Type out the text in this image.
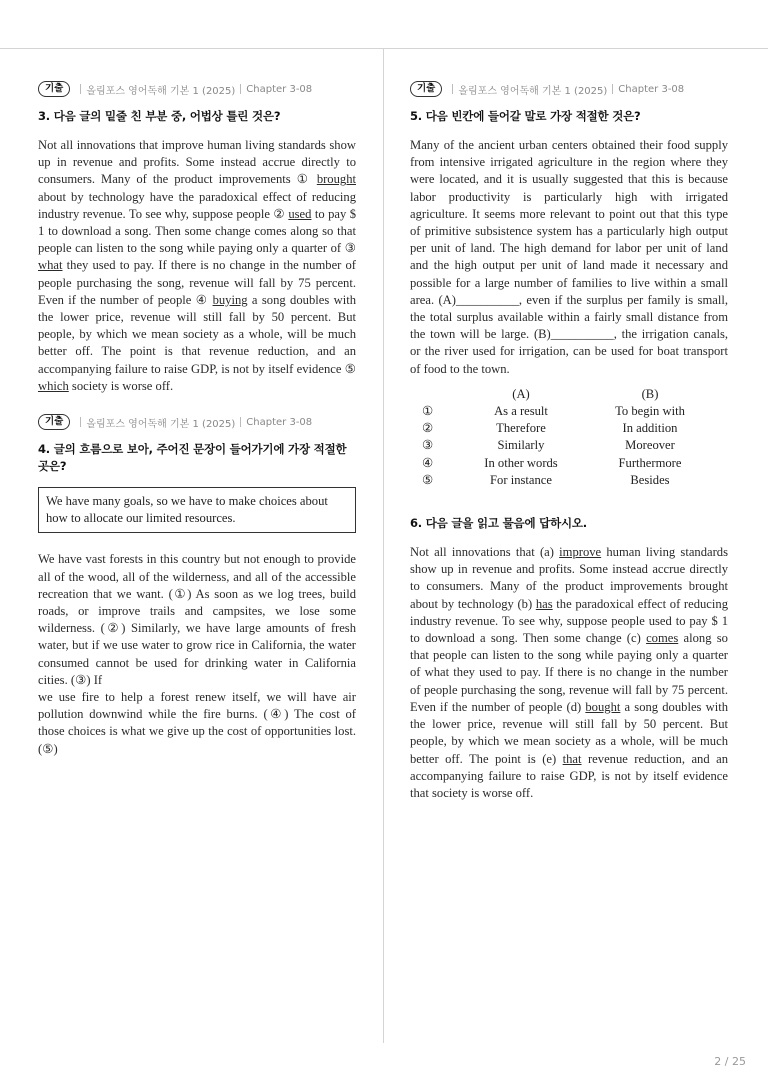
기출	올림포스 영어독해 기본 1 (2025) Chapter 3-08
3. 다음 글의 밑줄 친 부분 중, 어법상 틀린 것은?
Not all innovations that improve human living standards show up in revenue and profits. Some instead accrue directly to consumers. Many of the product improvements ① brought about by technology have the paradoxical effect of reducing industry revenue. To see why, suppose people ② used to pay $ 1 to download a song. Then some change comes along so that people can listen to the song while paying only a quarter of ③ what they used to pay. If there is no change in the number of people purchasing the song, revenue will fall by 75 percent. Even if the number of people ④ buying a song doubles with the lower price, revenue will still fall by 50 percent. But people, by which we mean society as a whole, will be much better off. The point is that revenue reduction, and an accompanying failure to raise GDP, is not by itself evidence ⑤ which society is worse off.
기출	올림포스 영어독해 기본 1 (2025) Chapter 3-08
4. 글의 흐름으로 보아, 주어진 문장이 들어가기에 가장 적절한 곳은?
We have many goals, so we have to make choices about how to allocate our limited resources.
We have vast forests in this country but not enough to provide all of the wood, all of the wilderness, and all of the accessible recreation that we want. (①) As soon as we log trees, build roads, or improve trails and campsites, we lose some wilderness. (②) Similarly, we have large amounts of fresh water, but if we use water to grow rice in California, the water consumed cannot be used for drinking water in California cities. (③) If
we use fire to help a forest renew itself, we will have air pollution downwind while the fire burns. (④) The cost of those choices is what we give up the cost of opportunities lost. (⑤)
기출	올림포스 영어독해 기본 1 (2025) Chapter 3-08
5. 다음 빈칸에 들어갈 말로 가장 적절한 것은?
Many of the ancient urban centers obtained their food supply from intensive irrigated agriculture in the region where they were located, and it is usually suggested that this is because labor productivity is particularly high with irrigated agriculture. It seems more relevant to point out that this type of primitive subsistence system has a particularly high output per unit of land. The high demand for labor per unit of land and the high output per unit of land made it necessary and possible for a large number of families to live within a small area. (A)__________, even if the surplus per family is small, the total surplus available within a fairly small distance from the town will be large. (B)__________, the irrigation canals, or the river used for irrigation, can be used for boat transport of food to the town.
(A)	(B)
①	As a result	To begin with
②	Therefore	In addition
③	Similarly	Moreover
④	In other words	Furthermore
⑤	For instance	Besides
6. 다음 글을 읽고 물음에 답하시오.
Not all innovations that (a) improve human living standards show up in revenue and profits. Some instead accrue directly to consumers. Many of the product improvements brought about by technology (b) has the paradoxical effect of reducing industry revenue. To see why, suppose people used to pay $ 1 to download a song. Then some change (c) comes along so that people can listen to the song while paying only a quarter of what they used to pay. If there is no change in the number of people purchasing the song, revenue will fall by 75 percent. Even if the number of people (d) bought a song doubles with the lower price, revenue will still fall by 50 percent. But people, by which we mean society as a whole, will be much better off. The point is (e) that revenue reduction, and an accompanying failure to raise GDP, is not by itself evidence that society is worse off.
2 / 25
